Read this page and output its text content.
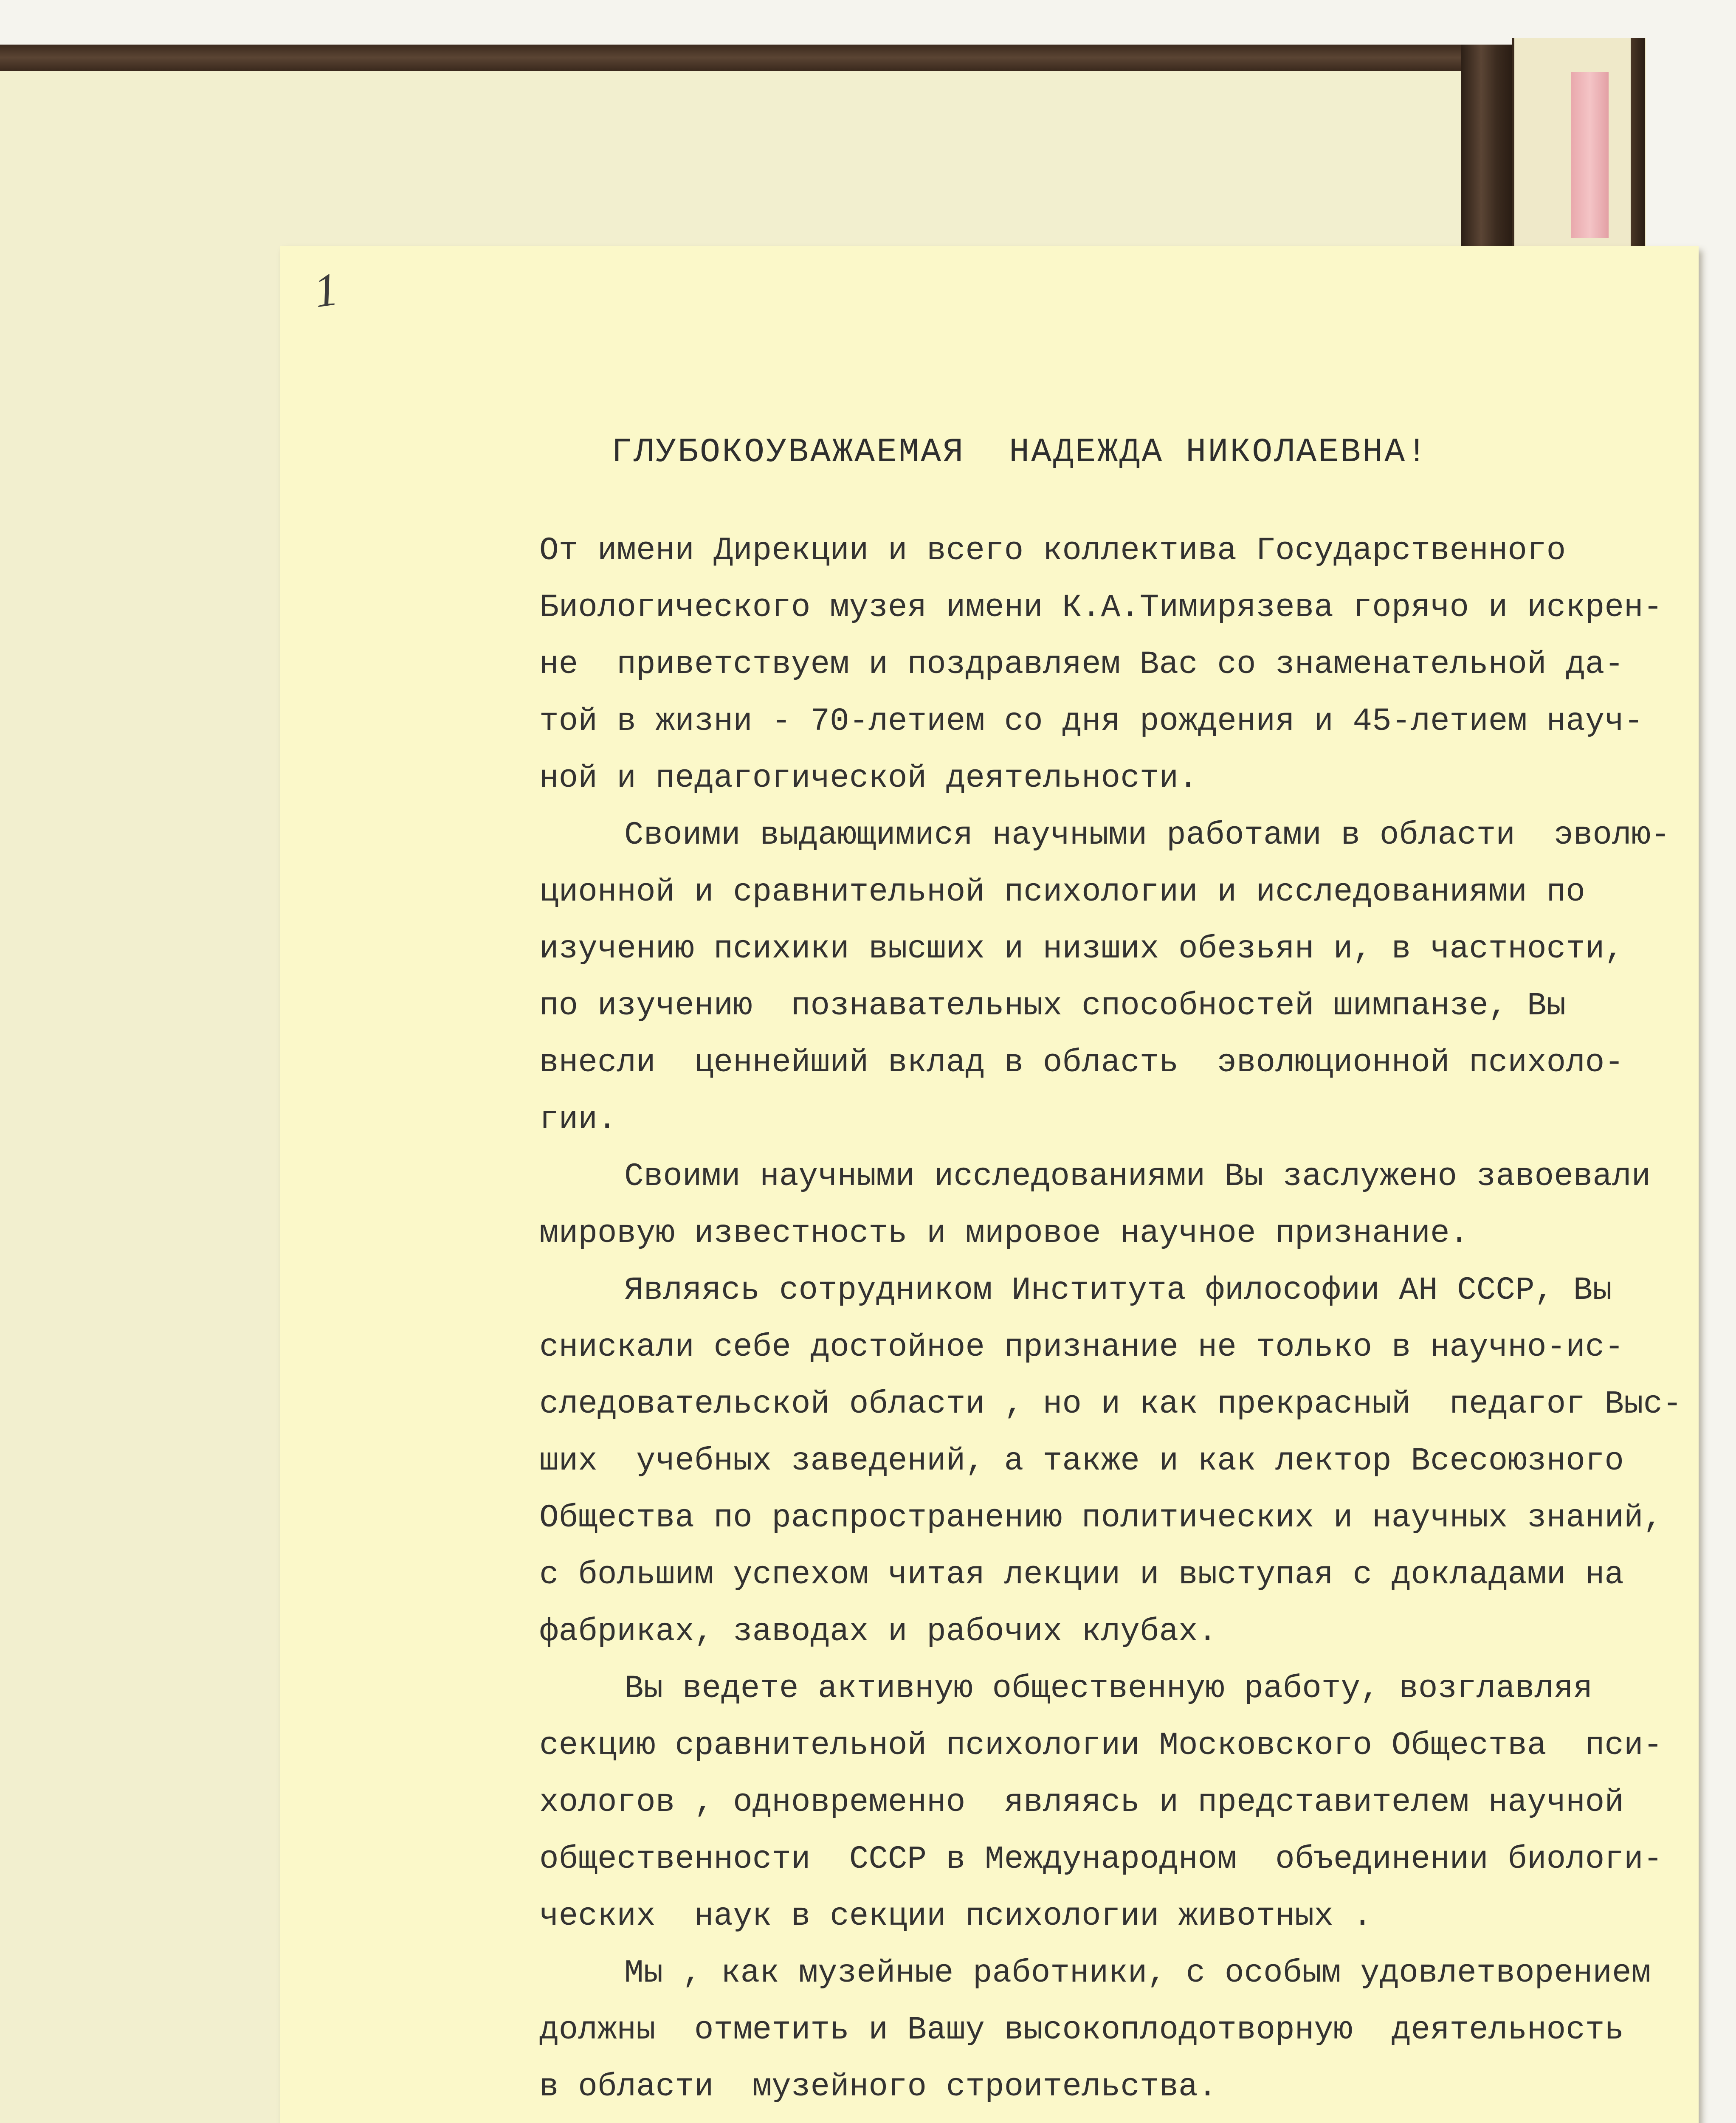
1
ГЛУБОКОУВАЖАЕМАЯ  НАДЕЖДА НИКОЛАЕВНА!
От имени Дирекции и всего коллектива Государственного
Биологического музея имени К.А.Тимирязева горячо и искрен-
не  приветствуем и поздравляем Вас со знаменательной да-
той в жизни - 70-летием со дня рождения и 45-летием науч-
ной и педагогической деятельности.
Своими выдающимися научными работами в области  эволю-
ционной и сравнительной психологии и исследованиями по
изучению психики высших и низших обезьян и, в частности,
по изучению  познавательных способностей шимпанзе, Вы
внесли  ценнейший вклад в область  эволюционной психоло-
гии.
Своими научными исследованиями Вы заслужено завоевали
мировую известность и мировое научное признание.
Являясь сотрудником Института философии АН СССР, Вы
снискали себе достойное признание не только в научно-ис-
следовательской области , но и как прекрасный  педагог Выс-
ших  учебных заведений, а также и как лектор Всесоюзного
Общества по распространению политических и научных знаний,
с большим успехом читая лекции и выступая с докладами на
фабриках, заводах и рабочих клубах.
Вы ведете активную общественную работу, возглавляя
секцию сравнительной психологии Московского Общества  пси-
хологов , одновременно  являясь и представителем научной
общественности  СССР в Международном  объединении биологи-
ческих  наук в секции психологии животных .
Мы , как музейные работники, с особым удовлетворением
должны  отметить и Вашу высокоплодотворную  деятельность
в области  музейного строительства.
